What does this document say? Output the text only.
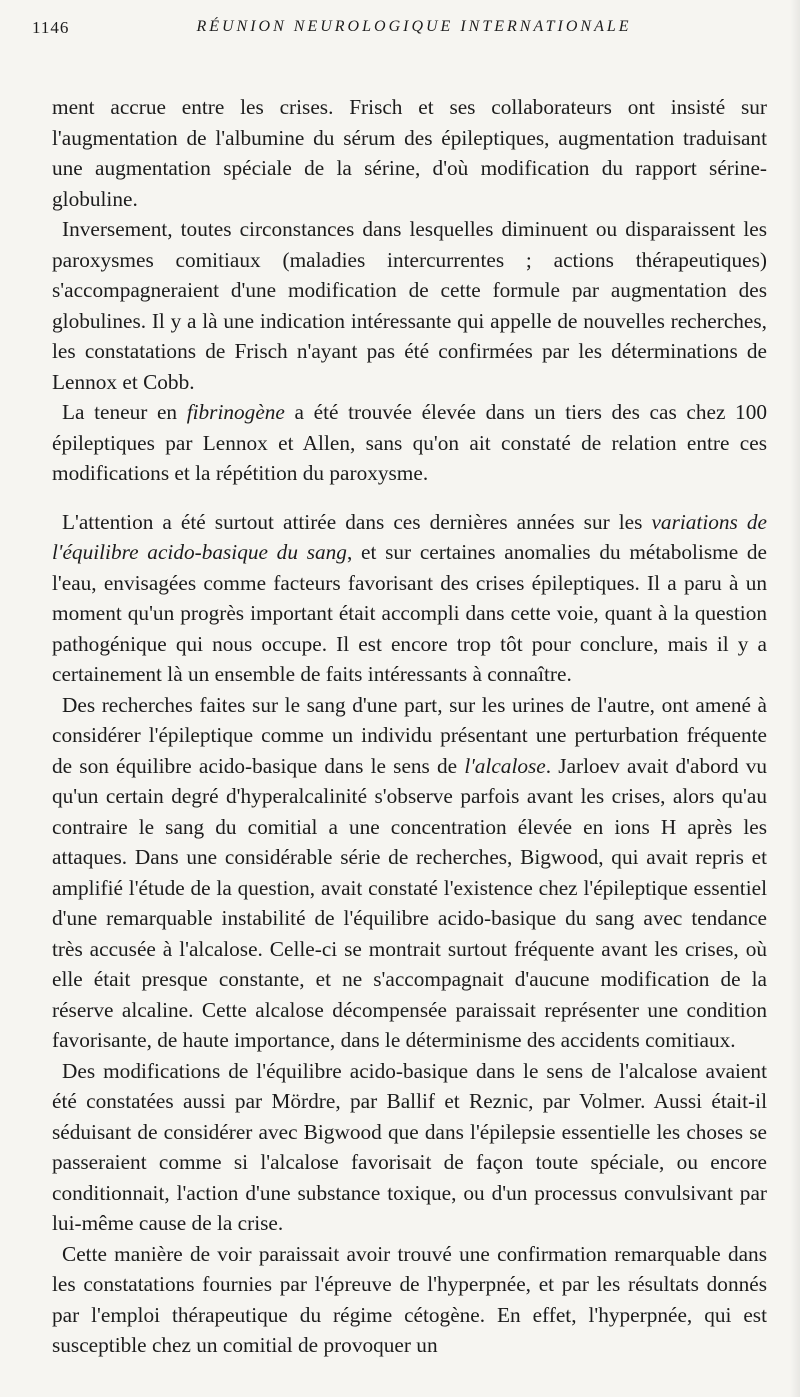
1146	RÉUNION NEUROLOGIQUE INTERNATIONALE

ment accrue entre les crises. Frisch et ses collaborateurs ont insisté sur l'augmentation de l'albumine du sérum des épileptiques, augmentation traduisant une augmentation spéciale de la sérine, d'où modification du rapport sérine-globuline.

Inversement, toutes circonstances dans lesquelles diminuent ou disparaissent les paroxysmes comitiaux (maladies intercurrentes ; actions thérapeutiques) s'accompagneraient d'une modification de cette formule par augmentation des globulines. Il y a là une indication intéressante qui appelle de nouvelles recherches, les constatations de Frisch n'ayant pas été confirmées par les déterminations de Lennox et Cobb.

La teneur en fibrinogène a été trouvée élevée dans un tiers des cas chez 100 épileptiques par Lennox et Allen, sans qu'on ait constaté de relation entre ces modifications et la répétition du paroxysme.

L'attention a été surtout attirée dans ces dernières années sur les variations de l'équilibre acido-basique du sang, et sur certaines anomalies du métabolisme de l'eau, envisagées comme facteurs favorisant des crises épileptiques. Il a paru à un moment qu'un progrès important était accompli dans cette voie, quant à la question pathogénique qui nous occupe. Il est encore trop tôt pour conclure, mais il y a certainement là un ensemble de faits intéressants à connaître.

Des recherches faites sur le sang d'une part, sur les urines de l'autre, ont amené à considérer l'épileptique comme un individu présentant une perturbation fréquente de son équilibre acido-basique dans le sens de l'alcalose. Jarloev avait d'abord vu qu'un certain degré d'hyperalcalinité s'observe parfois avant les crises, alors qu'au contraire le sang du comitial a une concentration élevée en ions H après les attaques. Dans une considérable série de recherches, Bigwood, qui avait repris et amplifié l'étude de la question, avait constaté l'existence chez l'épileptique essentiel d'une remarquable instabilité de l'équilibre acido-basique du sang avec tendance très accusée à l'alcalose. Celle-ci se montrait surtout fréquente avant les crises, où elle était presque constante, et ne s'accompagnait d'aucune modification de la réserve alcaline. Cette alcalose décompensée paraissait représenter une condition favorisante, de haute importance, dans le déterminisme des accidents comitiaux.

Des modifications de l'équilibre acido-basique dans le sens de l'alcalose avaient été constatées aussi par Mördre, par Ballif et Reznic, par Volmer. Aussi était-il séduisant de considérer avec Bigwood que dans l'épilepsie essentielle les choses se passeraient comme si l'alcalose favorisait de façon toute spéciale, ou encore conditionnait, l'action d'une substance toxique, ou d'un processus convulsivant par lui-même cause de la crise.

Cette manière de voir paraissait avoir trouvé une confirmation remarquable dans les constatations fournies par l'épreuve de l'hyperpnée, et par les résultats donnés par l'emploi thérapeutique du régime cétogène. En effet, l'hyperpnée, qui est susceptible chez un comitial de provoquer un
